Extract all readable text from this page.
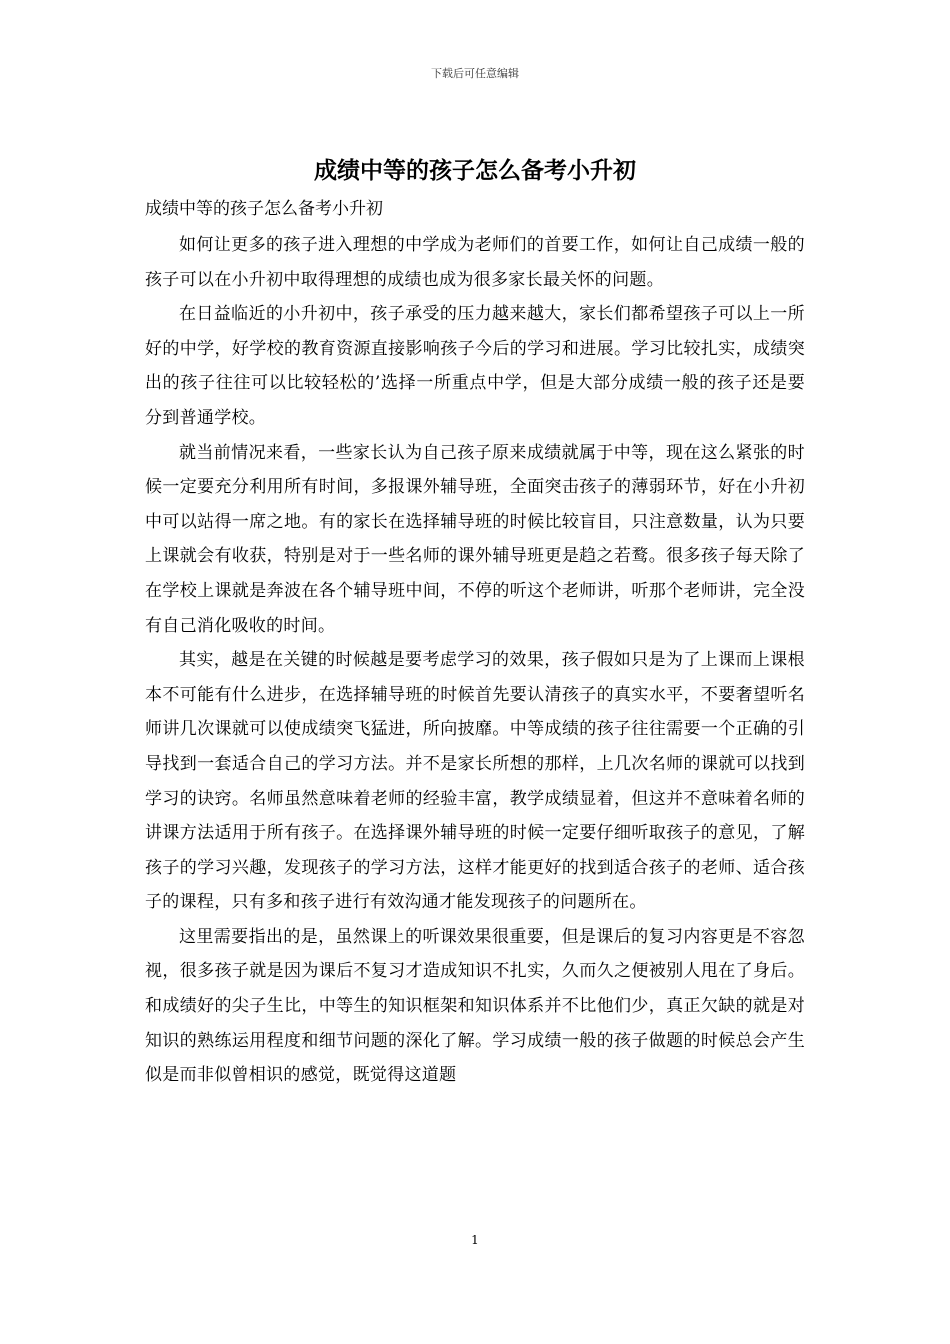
下载后可任意编辑
成绩中等的孩子怎么备考小升初

成绩中等的孩子怎么备考小升初

如何让更多的孩子进入理想的中学成为老师们的首要工作，如何让自己成绩一般的孩子可以在小升初中取得理想的成绩也成为很多家长最关怀的问题。

在日益临近的小升初中，孩子承受的压力越来越大，家长们都希望孩子可以上一所好的中学，好学校的教育资源直接影响孩子今后的学习和进展。学习比较扎实，成绩突出的孩子往往可以比较轻松的’选择一所重点中学，但是大部分成绩一般的孩子还是要分到普通学校。

就当前情况来看，一些家长认为自己孩子原来成绩就属于中等，现在这么紧张的时候一定要充分利用所有时间，多报课外辅导班，全面突击孩子的薄弱环节，好在小升初中可以站得一席之地。有的家长在选择辅导班的时候比较盲目，只注意数量，认为只要上课就会有收获，特别是对于一些名师的课外辅导班更是趋之若鹜。很多孩子每天除了在学校上课就是奔波在各个辅导班中间，不停的听这个老师讲，听那个老师讲，完全没有自己消化吸收的时间。

其实，越是在关键的时候越是要考虑学习的效果，孩子假如只是为了上课而上课根本不可能有什么进步，在选择辅导班的时候首先要认清孩子的真实水平，不要奢望听名师讲几次课就可以使成绩突飞猛进，所向披靡。中等成绩的孩子往往需要一个正确的引导找到一套适合自己的学习方法。并不是家长所想的那样，上几次名师的课就可以找到学习的诀窍。名师虽然意味着老师的经验丰富，教学成绩显着，但这并不意味着名师的讲课方法适用于所有孩子。在选择课外辅导班的时候一定要仔细听取孩子的意见，了解孩子的学习兴趣，发现孩子的学习方法，这样才能更好的找到适合孩子的老师、适合孩子的课程，只有多和孩子进行有效沟通才能发现孩子的问题所在。

这里需要指出的是，虽然课上的听课效果很重要，但是课后的复习内容更是不容忽视，很多孩子就是因为课后不复习才造成知识不扎实，久而久之便被别人甩在了身后。和成绩好的尖子生比，中等生的知识框架和知识体系并不比他们少，真正欠缺的就是对知识的熟练运用程度和细节问题的深化了解。学习成绩一般的孩子做题的时候总会产生似是而非似曾相识的感觉，既觉得这道题

1
